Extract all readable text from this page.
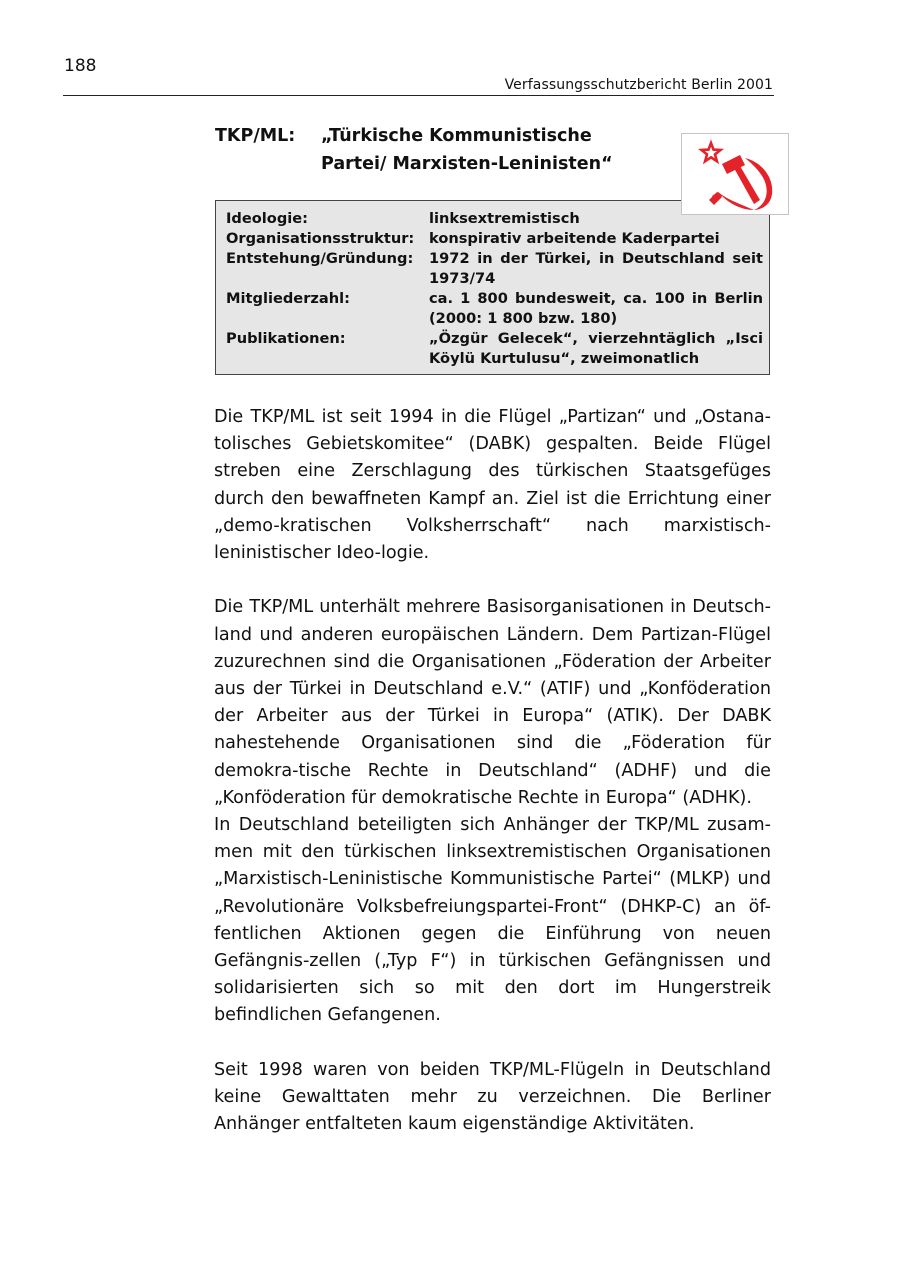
188
Verfassungsschutzbericht Berlin 2001
TKP/ML: „Türkische Kommunistische Partei/ Marxisten-Leninisten“
Ideologie:	linksextremistisch
Organisationsstruktur: konspirativ arbeitende Kaderpartei
Entstehung/Gründung: 1972 in der Türkei, in Deutschland seit 1973/74
Mitgliederzahl:	ca. 1 800 bundesweit, ca. 100 in Berlin (2000: 1 800 bzw. 180)
Publikationen:	„Özgür Gelecek“, vierzehntäglich „Isci Köylü Kurtulusu“, zweimonatlich

Die TKP/ML ist seit 1994 in die Flügel „Partizan“ und „Ostana-tolisches Gebietskomitee“ (DABK) gespalten. Beide Flügel streben eine Zerschlagung des türkischen Staatsgefüges durch den bewaffneten Kampf an. Ziel ist die Errichtung einer „demo-kratischen Volksherrschaft“ nach marxistisch-leninistischer Ideo-logie.

Die TKP/ML unterhält mehrere Basisorganisationen in Deutsch-land und anderen europäischen Ländern. Dem Partizan-Flügel zuzurechnen sind die Organisationen „Föderation der Arbeiter aus der Türkei in Deutschland e.V.“ (ATIF) und „Konföderation der Arbeiter aus der Türkei in Europa“ (ATIK). Der DABK nahestehende Organisationen sind die „Föderation für demokra-tische Rechte in Deutschland“ (ADHF) und die „Konföderation für demokratische Rechte in Europa“ (ADHK).

In Deutschland beteiligten sich Anhänger der TKP/ML zusam-men mit den türkischen linksextremistischen Organisationen „Marxistisch-Leninistische Kommunistische Partei“ (MLKP) und „Revolutionäre Volksbefreiungspartei-Front“ (DHKP-C) an öf-fentlichen Aktionen gegen die Einführung von neuen Gefängnis-zellen („Typ F“) in türkischen Gefängnissen und solidarisierten sich so mit den dort im Hungerstreik befindlichen Gefangenen.

Seit 1998 waren von beiden TKP/ML-Flügeln in Deutschland keine Gewalttaten mehr zu verzeichnen. Die Berliner Anhänger entfalteten kaum eigenständige Aktivitäten.
